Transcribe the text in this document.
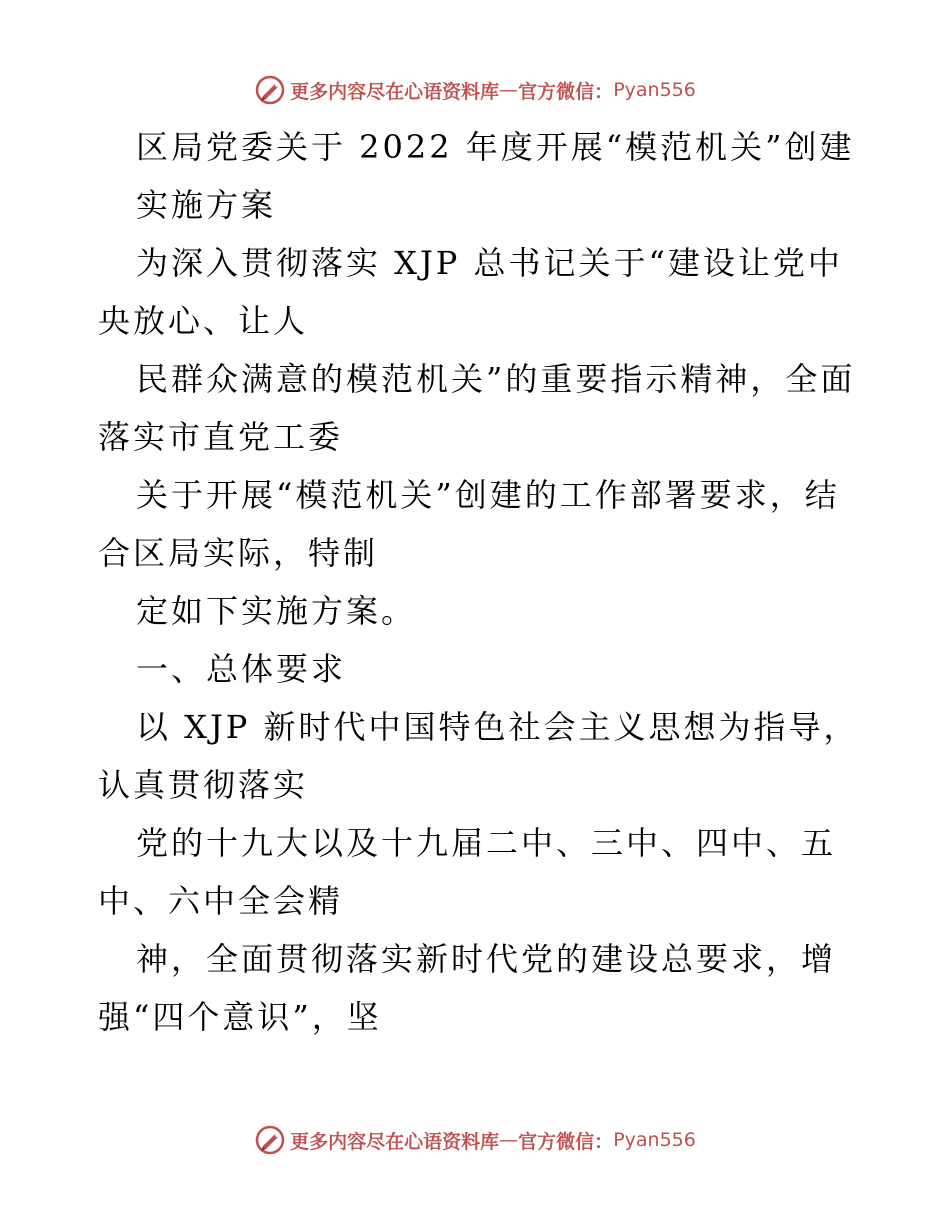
更多内容尽在心语资料库 — 官方微信： Pyan556
区局党委关于 2022 年度开展“模范机关”创建
实施方案
为深入贯彻落实 XJP 总书记关于“建设让党中
央放心、让人
民群众满意的模范机关”的重要指示精神，全面
落实市直党工委
关于开展“模范机关”创建的工作部署要求，结
合区局实际，特制
定如下实施方案。
一、总体要求
以 XJP 新时代中国特色社会主义思想为指导，
认真贯彻落实
党的十九大以及十九届二中、三中、四中、五
中、六中全会精
神，全面贯彻落实新时代党的建设总要求，增
强“四个意识”，坚
更多内容尽在心语资料库 — 官方微信： Pyan556
